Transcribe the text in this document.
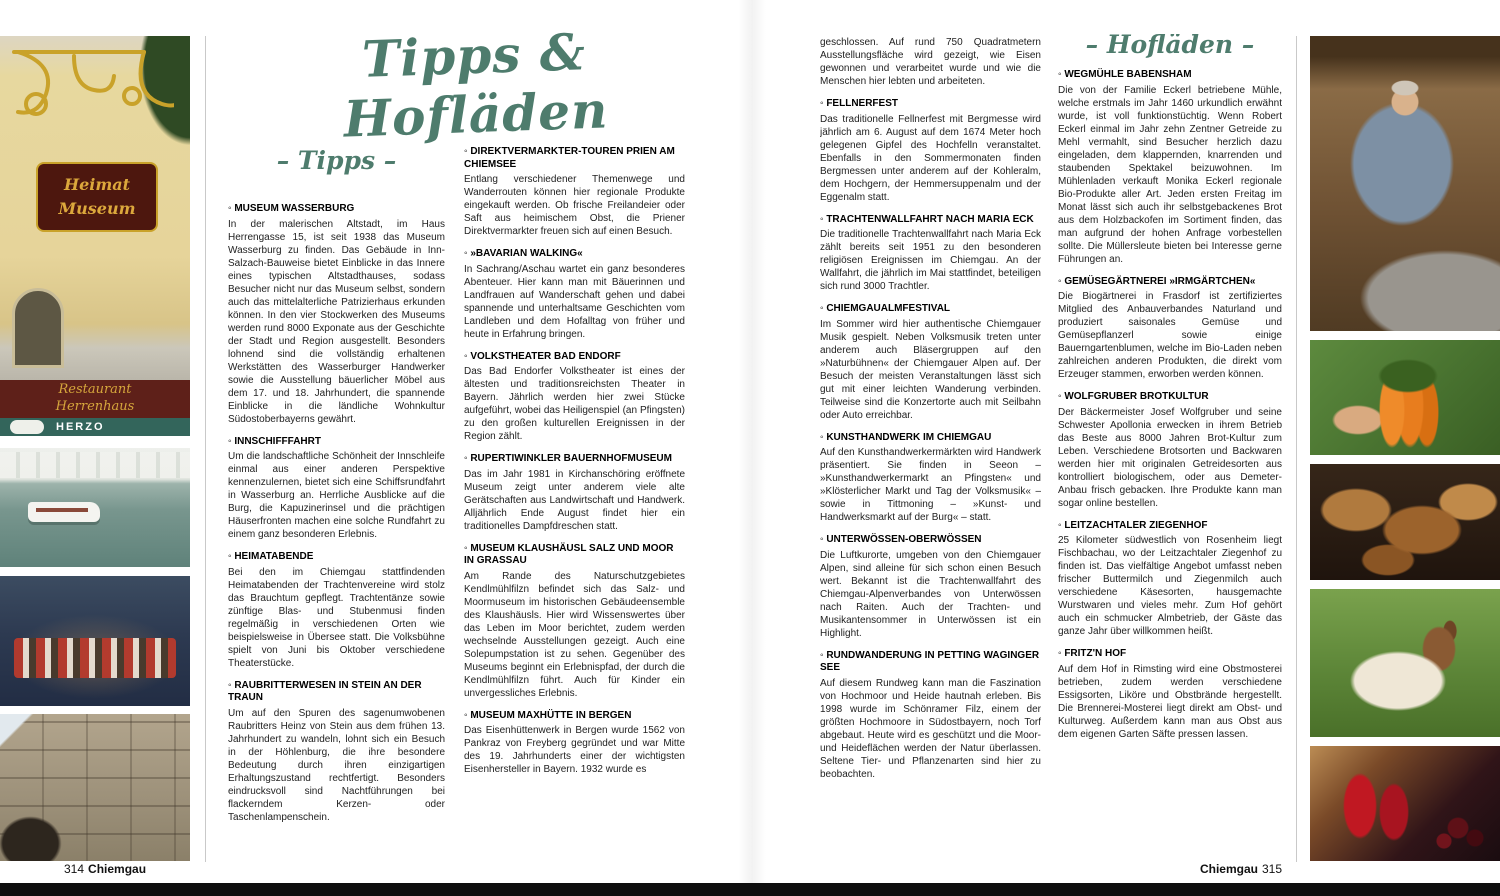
Heimat
Museum
Restaurant Herrenhaus
HERZO
Tipps & Hofläden
– Tipps –
◦ MUSEUM WASSERBURG

In der malerischen Altstadt, im Haus Herrengasse 15, ist seit 1938 das Museum Wasserburg zu finden. Das Gebäude in Inn-Salzach-Bauweise bietet Einblicke in das Innere eines typischen Altstadthauses, sodass Besucher nicht nur das Museum selbst, sondern auch das mittelalterliche Patrizierhaus erkunden können. In den vier Stockwerken des Museums werden rund 8000 Exponate aus der Geschichte der Stadt und Region ausgestellt. Besonders lohnend sind die vollständig erhaltenen Werkstätten des Wasserburger Handwerker sowie die Ausstellung bäuerlicher Möbel aus dem 17. und 18. Jahrhundert, die spannende Einblicke in die ländliche Wohnkultur Südostoberbayerns gewährt.

◦ INNSCHIFFFAHRT

Um die landschaftliche Schönheit der Innschleife einmal aus einer anderen Perspektive kennenzulernen, bietet sich eine Schiffsrundfahrt in Wasserburg an. Herrliche Ausblicke auf die Burg, die Kapuzinerinsel und die prächtigen Häuserfronten machen eine solche Rundfahrt zu einem ganz besonderen Erlebnis.

◦ HEIMATABENDE

Bei den im Chiemgau stattfindenden Heimatabenden der Trachtenvereine wird stolz das Brauchtum gepflegt. Trachtentänze sowie zünftige Blas- und Stubenmusi finden regelmäßig in verschiedenen Orten wie beispielsweise in Übersee statt. Die Volksbühne spielt von Juni bis Oktober verschiedene Theaterstücke.

◦ RAUBRITTERWESEN IN STEIN AN DER TRAUN

Um auf den Spuren des sagenumwobenen Raubritters Heinz von Stein aus dem frühen 13. Jahrhundert zu wandeln, lohnt sich ein Besuch in der Höhlenburg, die ihre besondere Bedeutung durch ihren einzigartigen Erhaltungszustand rechtfertigt. Besonders eindrucksvoll sind Nachtführungen bei flackerndem Kerzen- oder Taschenlampenschein.

◦ DIREKTVERMARKTER-TOUREN PRIEN AM CHIEMSEE

Entlang verschiedener Themenwege und Wanderrouten können hier regionale Produkte eingekauft werden. Ob frische Freilandeier oder Saft aus heimischem Obst, die Priener Direktvermarkter freuen sich auf einen Besuch.

◦ »BAVARIAN WALKING«

In Sachrang/Aschau wartet ein ganz besonderes Abenteuer. Hier kann man mit Bäuerinnen und Landfrauen auf Wanderschaft gehen und dabei spannende und unterhaltsame Geschichten vom Landleben und dem Hofalltag von früher und heute in Erfahrung bringen.

◦ VOLKSTHEATER BAD ENDORF

Das Bad Endorfer Volkstheater ist eines der ältesten und traditionsreichsten Theater in Bayern. Jährlich werden hier zwei Stücke aufgeführt, wobei das Heiligenspiel (an Pfingsten) zu den großen kulturellen Ereignissen in der Region zählt.

◦ RUPERTIWINKLER BAUERNHOFMUSEUM

Das im Jahr 1981 in Kirchanschöring eröffnete Museum zeigt unter anderem viele alte Gerätschaften aus Landwirtschaft und Handwerk. Alljährlich Ende August findet hier ein traditionelles Dampfdreschen statt.

◦ MUSEUM KLAUSHÄUSL SALZ UND MOOR IN GRASSAU

Am Rande des Naturschutzgebietes Kendlmühlfilzn befindet sich das Salz- und Moormuseum im historischen Gebäudeensemble des Klaushäusls. Hier wird Wissenswertes über das Leben im Moor berichtet, zudem werden wechselnde Ausstellungen gezeigt. Auch eine Solepumpstation ist zu sehen. Gegenüber des Museums beginnt ein Erlebnispfad, der durch die Kendlmühlfilzn führt. Auch für Kinder ein unvergessliches Erlebnis.

◦ MUSEUM MAXHÜTTE IN BERGEN

Das Eisenhüttenwerk in Bergen wurde 1562 von Pankraz von Freyberg gegründet und war Mitte des 19. Jahrhunderts einer der wichtigsten Eisenhersteller in Bayern. 1932 wurde es

geschlossen. Auf rund 750 Quadratmetern Ausstellungsfläche wird gezeigt, wie Eisen gewonnen und verarbeitet wurde und wie die Menschen hier lebten und arbeiteten.

◦ FELLNERFEST

Das traditionelle Fellnerfest mit Bergmesse wird jährlich am 6. August auf dem 1674 Meter hoch gelegenen Gipfel des Hochfelln veranstaltet. Ebenfalls in den Sommermonaten finden Bergmessen unter anderem auf der Kohleralm, dem Hochgern, der Hemmersuppenalm und der Eggenalm statt.

◦ TRACHTENWALLFAHRT NACH MARIA ECK

Die traditionelle Trachtenwallfahrt nach Maria Eck zählt bereits seit 1951 zu den besonderen religiösen Ereignissen im Chiemgau. An der Wallfahrt, die jährlich im Mai stattfindet, beteiligen sich rund 3000 Trachtler.

◦ CHIEMGAUALMFESTIVAL

Im Sommer wird hier authentische Chiemgauer Musik gespielt. Neben Volksmusik treten unter anderem auch Bläsergruppen auf den »Naturbühnen« der Chiemgauer Alpen auf. Der Besuch der meisten Veranstaltungen lässt sich gut mit einer leichten Wanderung verbinden. Teilweise sind die Konzertorte auch mit Seilbahn oder Auto erreichbar.

◦ KUNSTHANDWERK IM CHIEMGAU

Auf den Kunsthandwerkermärkten wird Handwerk präsentiert. Sie finden in Seeon – »Kunsthandwerkermarkt an Pfingsten« und »Klösterlicher Markt und Tag der Volksmusik« – sowie in Tittmoning – »Kunst- und Handwerksmarkt auf der Burg« – statt.

◦ UNTERWÖSSEN-OBERWÖSSEN

Die Luftkurorte, umgeben von den Chiemgauer Alpen, sind alleine für sich schon einen Besuch wert. Bekannt ist die Trachtenwallfahrt des Chiemgau-Alpenverbandes von Unterwössen nach Raiten. Auch der Trachten- und Musikantensommer in Unterwössen ist ein Highlight.

◦ RUNDWANDERUNG IN PETTING WAGINGER SEE

Auf diesem Rundweg kann man die Faszination von Hochmoor und Heide hautnah erleben. Bis 1998 wurde im Schönramer Filz, einem der größten Hochmoore in Südostbayern, noch Torf abgebaut. Heute wird es geschützt und die Moor- und Heideflächen werden der Natur überlassen. Seltene Tier- und Pflanzenarten sind hier zu beobachten.

– Hofläden –
◦ WEGMÜHLE BABENSHAM

Die von der Familie Eckerl betriebene Mühle, welche erstmals im Jahr 1460 urkundlich erwähnt wurde, ist voll funktionstüchtig. Wenn Robert Eckerl einmal im Jahr zehn Zentner Getreide zu Mehl vermahlt, sind Besucher herzlich dazu eingeladen, dem klappernden, knarrenden und staubenden Spektakel beizuwohnen. Im Mühlenladen verkauft Monika Eckerl regionale Bio-Produkte aller Art. Jeden ersten Freitag im Monat lässt sich auch ihr selbstgebackenes Brot aus dem Holzbackofen im Sortiment finden, das man aufgrund der hohen Anfrage vorbestellen sollte. Die Müllersleute bieten bei Interesse gerne Führungen an.

◦ GEMÜSEGÄRTNEREI »IRMGÄRTCHEN«

Die Biogärtnerei in Frasdorf ist zertifiziertes Mitglied des Anbauverbandes Naturland und produziert saisonales Gemüse und Gemüsepflanzerl sowie einige Bauerngartenblumen, welche im Bio-Laden neben zahlreichen anderen Produkten, die direkt vom Erzeuger stammen, erworben werden können.

◦ WOLFGRUBER BROTKULTUR

Der Bäckermeister Josef Wolfgruber und seine Schwester Apollonia erwecken in ihrem Betrieb das Beste aus 8000 Jahren Brot-Kultur zum Leben. Verschiedene Brotsorten und Backwaren werden hier mit originalen Getreidesorten aus kontrolliert biologischem, oder aus Demeter-Anbau frisch gebacken. Ihre Produkte kann man sogar online bestellen.

◦ LEITZACHTALER ZIEGENHOF

25 Kilometer südwestlich von Rosenheim liegt Fischbachau, wo der Leitzachtaler Ziegenhof zu finden ist. Das vielfältige Angebot umfasst neben frischer Buttermilch und Ziegenmilch auch verschiedene Käsesorten, hausgemachte Wurstwaren und vieles mehr. Zum Hof gehört auch ein schmucker Almbetrieb, der Gäste das ganze Jahr über willkommen heißt.

◦ FRITZ'N HOF

Auf dem Hof in Rimsting wird eine Obstmosterei betrieben, zudem werden verschiedene Essigsorten, Liköre und Obstbrände hergestellt. Die Brennerei-Mosterei liegt direkt am Obst- und Kulturweg. Außerdem kann man aus Obst aus dem eigenen Garten Säfte pressen lassen.

314 Chiemgau	Chiemgau 315
